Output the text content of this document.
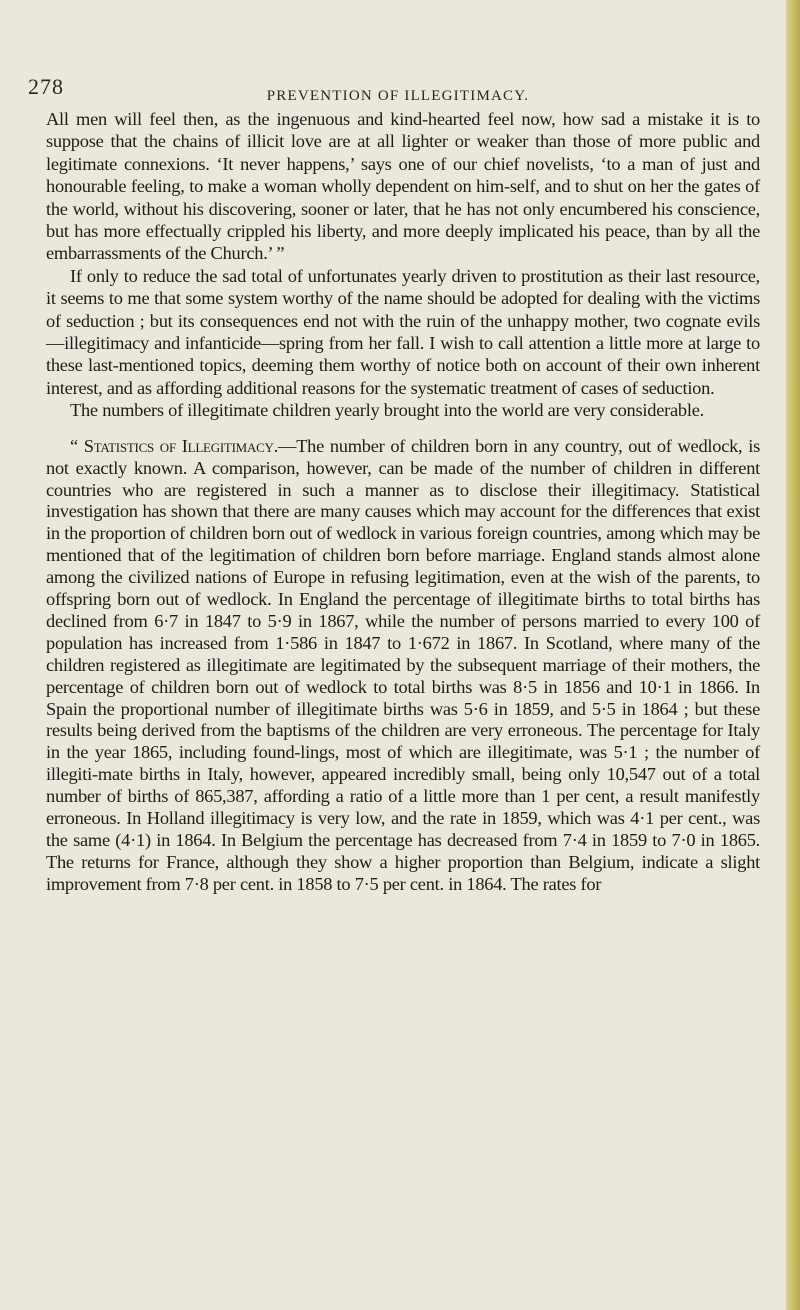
278	PREVENTION OF ILLEGITIMACY.

All men will feel then, as the ingenuous and kind-hearted feel now, how sad a mistake it is to suppose that the chains of illicit love are at all lighter or weaker than those of more public and legitimate connexions. ‘It never happens,’ says one of our chief novelists, ‘to a man of just and honourable feeling, to make a woman wholly dependent on him-self, and to shut on her the gates of the world, without his discovering, sooner or later, that he has not only encumbered his conscience, but has more effectually crippled his liberty, and more deeply implicated his peace, than by all the embarrassments of the Church.’ ”

If only to reduce the sad total of unfortunates yearly driven to prostitution as their last resource, it seems to me that some system worthy of the name should be adopted for dealing with the victims of seduction ; but its consequences end not with the ruin of the unhappy mother, two cognate evils—illegitimacy and infanticide—spring from her fall. I wish to call attention a little more at large to these last-mentioned topics, deeming them worthy of notice both on account of their own inherent interest, and as affording additional reasons for the systematic treatment of cases of seduction.

The numbers of illegitimate children yearly brought into the world are very considerable.

“ Statistics of Illegitimacy.—The number of children born in any country, out of wedlock, is not exactly known. A comparison, however, can be made of the number of children in different countries who are registered in such a manner as to disclose their illegitimacy. Statistical investigation has shown that there are many causes which may account for the differences that exist in the proportion of children born out of wedlock in various foreign countries, among which may be mentioned that of the legitimation of children born before marriage. England stands almost alone among the civilized nations of Europe in refusing legitimation, even at the wish of the parents, to offspring born out of wedlock. In England the percentage of illegitimate births to total births has declined from 6·7 in 1847 to 5·9 in 1867, while the number of persons married to every 100 of population has increased from 1·586 in 1847 to 1·672 in 1867. In Scotland, where many of the children registered as illegitimate are legitimated by the subsequent marriage of their mothers, the percentage of children born out of wedlock to total births was 8·5 in 1856 and 10·1 in 1866. In Spain the proportional number of illegitimate births was 5·6 in 1859, and 5·5 in 1864 ; but these results being derived from the baptisms of the children are very erroneous. The percentage for Italy in the year 1865, including found-lings, most of which are illegitimate, was 5·1 ; the number of illegiti-mate births in Italy, however, appeared incredibly small, being only 10,547 out of a total number of births of 865,387, affording a ratio of a little more than 1 per cent, a result manifestly erroneous. In Holland illegitimacy is very low, and the rate in 1859, which was 4·1 per cent., was the same (4·1) in 1864. In Belgium the percentage has decreased from 7·4 in 1859 to 7·0 in 1865. The returns for France, although they show a higher proportion than Belgium, indicate a slight improvement from 7·8 per cent. in 1858 to 7·5 per cent. in 1864. The rates for
